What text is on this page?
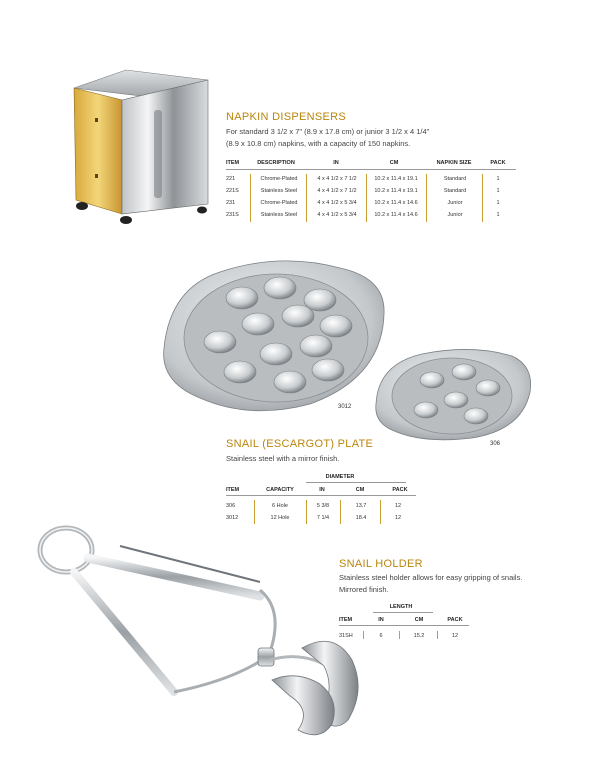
NAPKIN DISPENSERS
For standard 3 1/2 x 7" (8.9 x 17.8 cm) or junior 3 1/2 x 4 1/4"
(8.9 x 10.8 cm) napkins, with a capacity of 150 napkins.
ITEM	DESCRIPTION	IN	CM	NAPKIN SIZE	PACK
221	Chrome-Plated	4 x 4 1/2 x 7 1/2	10.2 x 11.4 x 19.1	Standard	1
221S	Stainless Steel	4 x 4 1/2 x 7 1/2	10.2 x 11.4 x 19.1	Standard	1
231	Chrome-Plated	4 x 4 1/2 x 5 3/4	10.2 x 11.4 x 14.6	Junior	1
231S	Stainless Steel	4 x 4 1/2 x 5 3/4	10.2 x 11.4 x 14.6	Junior	1
3012
306
SNAIL (ESCARGOT) PLATE
Stainless steel with a mirror finish.
DIAMETER
ITEM	CAPACITY	IN	CM	PACK
306	6 Hole	5 3/8	13.7	12
3012	12 Hole	7 1/4	18.4	12
SNAIL HOLDER
Stainless steel holder allows for easy gripping of snails.
Mirrored finish.
LENGTH
ITEM	IN	CM	PACK
31SH	6	15.2	12
